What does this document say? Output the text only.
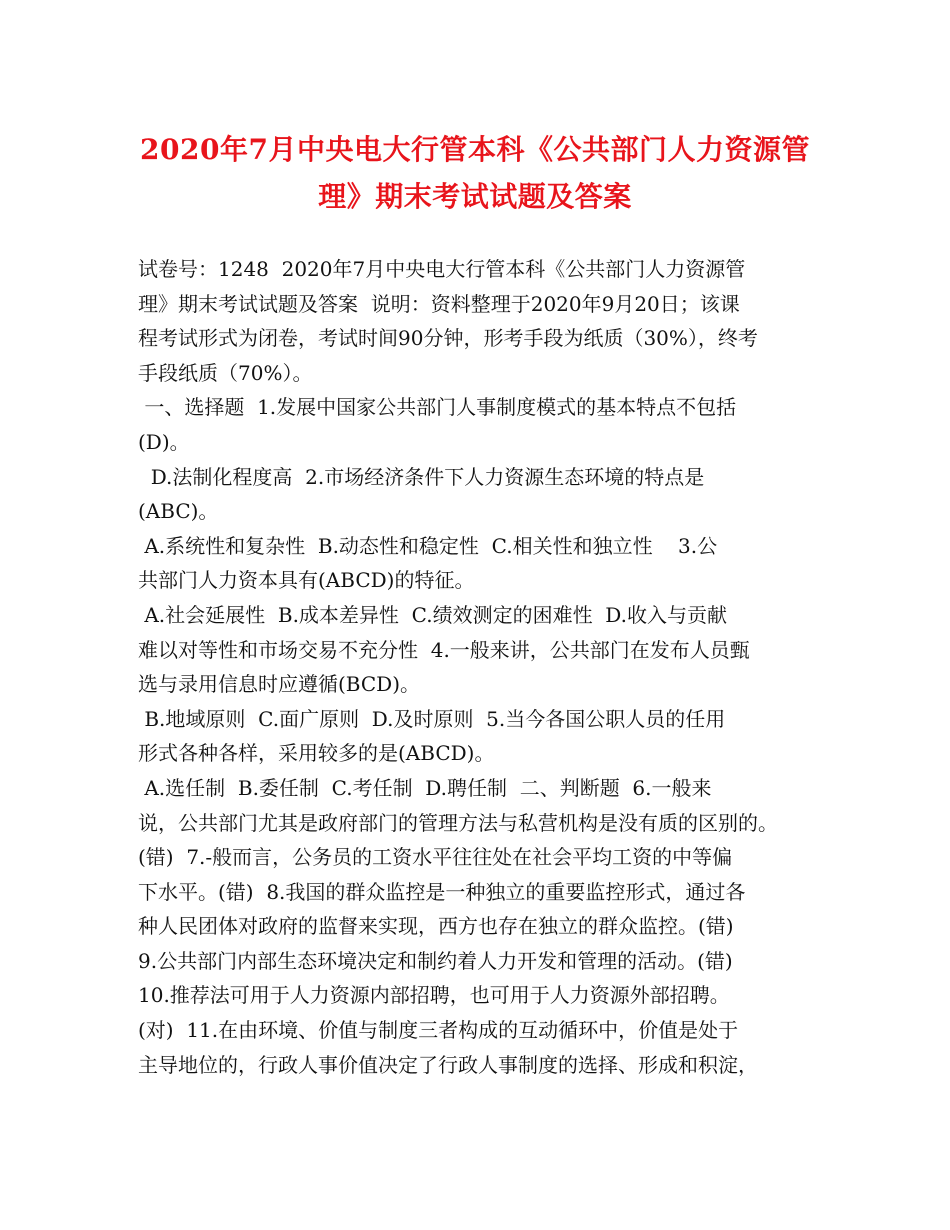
2020年7月中央电大行管本科《公共部门人力资源管
理》期末考试试题及答案
试卷号：1248  2020年7月中央电大行管本科《公共部门人力资源管
理》期末考试试题及答案  说明：资料整理于2020年9月20日；该课
程考试形式为闭卷，考试时间90分钟，形考手段为纸质（30%），终考
手段纸质（70%）。
一、选择题  1.发展中国家公共部门人事制度模式的基本特点不包括
(D)。
D.法制化程度高  2.市场经济条件下人力资源生态环境的特点是
(ABC)。
A.系统性和复杂性  B.动态性和稳定性  C.相关性和独立性    3.公
共部门人力资本具有(ABCD)的特征。
A.社会延展性  B.成本差异性  C.绩效测定的困难性  D.收入与贡献
难以对等性和市场交易不充分性  4.一般来讲，公共部门在发布人员甄
选与录用信息时应遵循(BCD)。
B.地域原则  C.面广原则  D.及时原则  5.当今各国公职人员的任用
形式各种各样，采用较多的是(ABCD)。
A.选任制  B.委任制  C.考任制  D.聘任制  二、判断题  6.一般来
说，公共部门尤其是政府部门的管理方法与私营机构是没有质的区别的。
(错)  7.-般而言，公务员的工资水平往往处在社会平均工资的中等偏
下水平。(错)  8.我国的群众监控是一种独立的重要监控形式，通过各
种人民团体对政府的监督来实现，西方也存在独立的群众监控。(错)
9.公共部门内部生态环境决定和制约着人力开发和管理的活动。(错)
10.推荐法可用于人力资源内部招聘，也可用于人力资源外部招聘。
(对)  11.在由环境、价值与制度三者构成的互动循环中，价值是处于
主导地位的，行政人事价值决定了行政人事制度的选择、形成和积淀，
